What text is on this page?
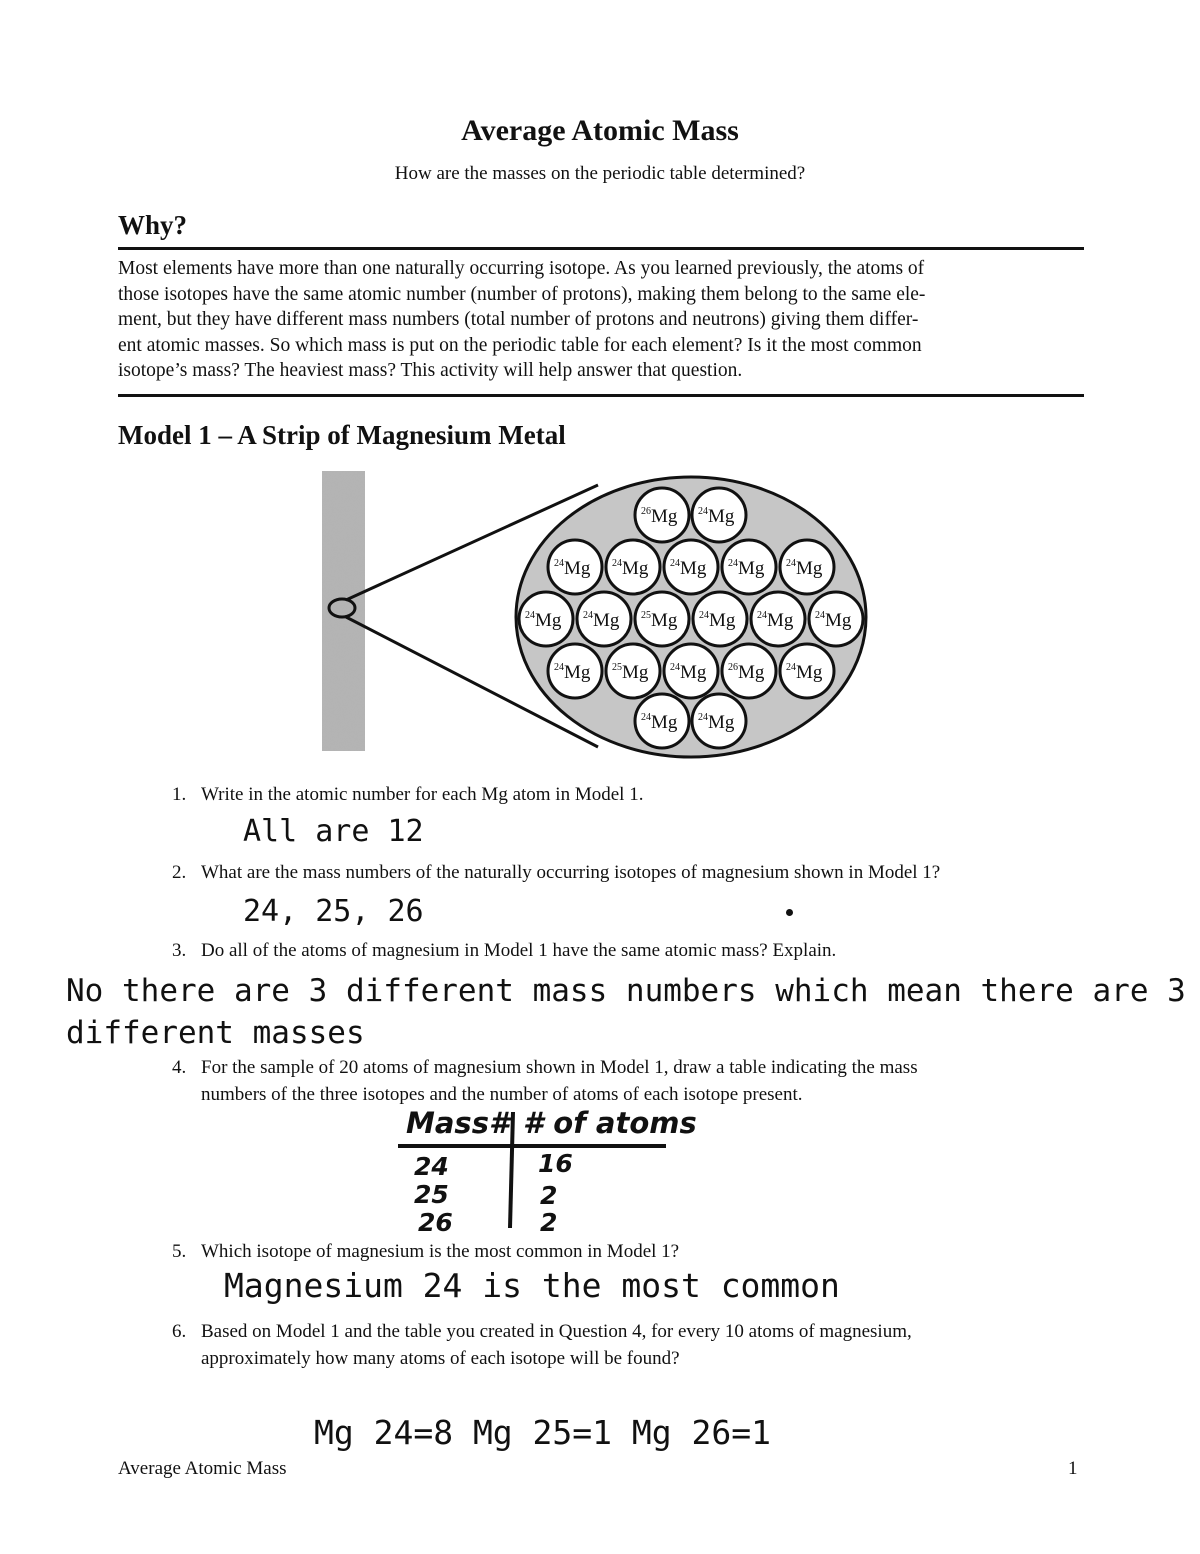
Average Atomic Mass
How are the masses on the periodic table determined?
Why?
Most elements have more than one naturally occurring isotope. As you learned previously, the atoms of
those isotopes have the same atomic number (number of protons), making them belong to the same ele-
ment, but they have different mass numbers (total number of protons and neutrons) giving them differ-
ent atomic masses. So which mass is put on the periodic table for each element? Is it the most common
isotope’s mass? The heaviest mass? This activity will help answer that question.
Model 1 – A Strip of Magnesium Metal
$^{26}$Mg $^{24}$Mg
$^{24}$Mg $^{24}$Mg $^{24}$Mg $^{24}$Mg $^{24}$Mg
$^{24}$Mg $^{24}$Mg $^{25}$Mg $^{24}$Mg $^{24}$Mg $^{24}$Mg
$^{24}$Mg $^{25}$Mg $^{24}$Mg $^{26}$Mg $^{24}$Mg
$^{24}$Mg $^{24}$Mg
1. Write in the atomic number for each Mg atom in Model 1.
All are 12
2. What are the mass numbers of the naturally occurring isotopes of magnesium shown in Model 1?
24, 25, 26
3. Do all of the atoms of magnesium in Model 1 have the same atomic mass? Explain.
No there are 3 different mass numbers which mean there are 3
different masses
4. For the sample of 20 atoms of magnesium shown in Model 1, draw a table indicating the mass
numbers of the three isotopes and the number of atoms of each isotope present.
Mass# # of atoms
24	16
25	2
26	2
5. Which isotope of magnesium is the most common in Model 1?
Magnesium 24 is the most common
6. Based on Model 1 and the table you created in Question 4, for every 10 atoms of magnesium,
approximately how many atoms of each isotope will be found?
Mg 24=8 Mg 25=1 Mg 26=1
Average Atomic Mass	1
